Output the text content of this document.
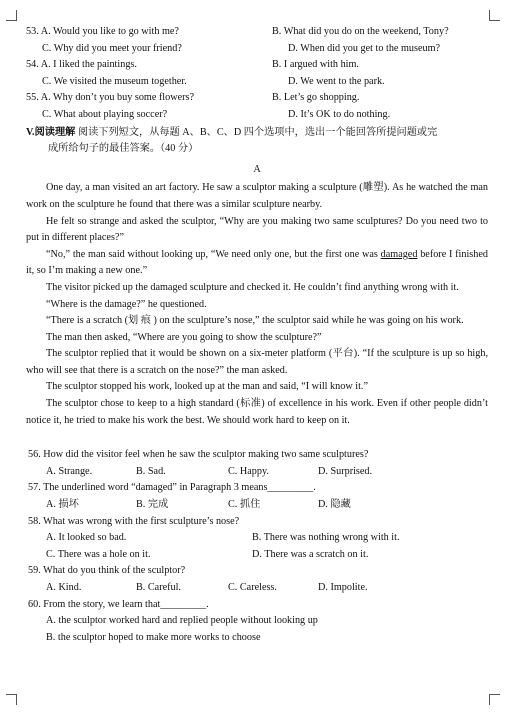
53. A. Would you like to go with me?	B. What did you do on the weekend, Tony?
C. Why did you meet your friend?	D. When did you get to the museum?
54. A. I liked the paintings.	B. I argued with him.
C. We visited the museum together.	D. We went to the park.
55. A. Why don’t you buy some flowers?	B. Let’s go shopping.
C. What about playing soccer?	D. It’s OK to do nothing.
V.阅读理解 阅读下列短文，从每题 A、B、C、D 四个选项中，选出一个能回答所提问题或完
成所给句子的最佳答案。（40 分）
A

One day, a man visited an art factory. He saw a sculptor making a sculpture (雕塑). As he watched the man work on the sculpture he found that there was a similar sculpture nearby.

He felt so strange and asked the sculptor, “Why are you making two same sculptures? Do you need two to put in different places?”

“No,” the man said without looking up, “We need only one, but the first one was damaged before I finished it, so I’m making a new one.”

The visitor picked up the damaged sculpture and checked it. He couldn’t find anything wrong with it.

“Where is the damage?” he questioned.

“There is a scratch (划 痕 ) on the sculpture’s nose,” the sculptor said while he was going on his work.

The man then asked, “Where are you going to show the sculpture?”

The sculptor replied that it would be shown on a six-meter platform (平台). “If the sculpture is up so high, who will see that there is a scratch on the nose?” the man asked.

The sculptor stopped his work, looked up at the man and said, “I will know it.”

The sculptor chose to keep to a high standard (标准) of excellence in his work. Even if other people didn’t notice it, he tried to make his work the best. We should work hard to keep on it.

56. How did the visitor feel when he saw the sculptor making two same sculptures?
A. Strange.	B. Sad.	C. Happy.	D. Surprised.
57. The underlined word “damaged” in Paragraph 3 means_________.
A. 损坏	B. 完成	C. 抓住	D. 隐藏
58. What was wrong with the first sculpture’s nose?
A. It looked so bad.	B. There was nothing wrong with it.
C. There was a hole on it.	D. There was a scratch on it.
59. What do you think of the sculptor?
A. Kind.	B. Careful.	C. Careless.	D. Impolite.
60. From the story, we learn that_________.
A. the sculptor worked hard and replied people without looking up
B. the sculptor hoped to make more works to choose
